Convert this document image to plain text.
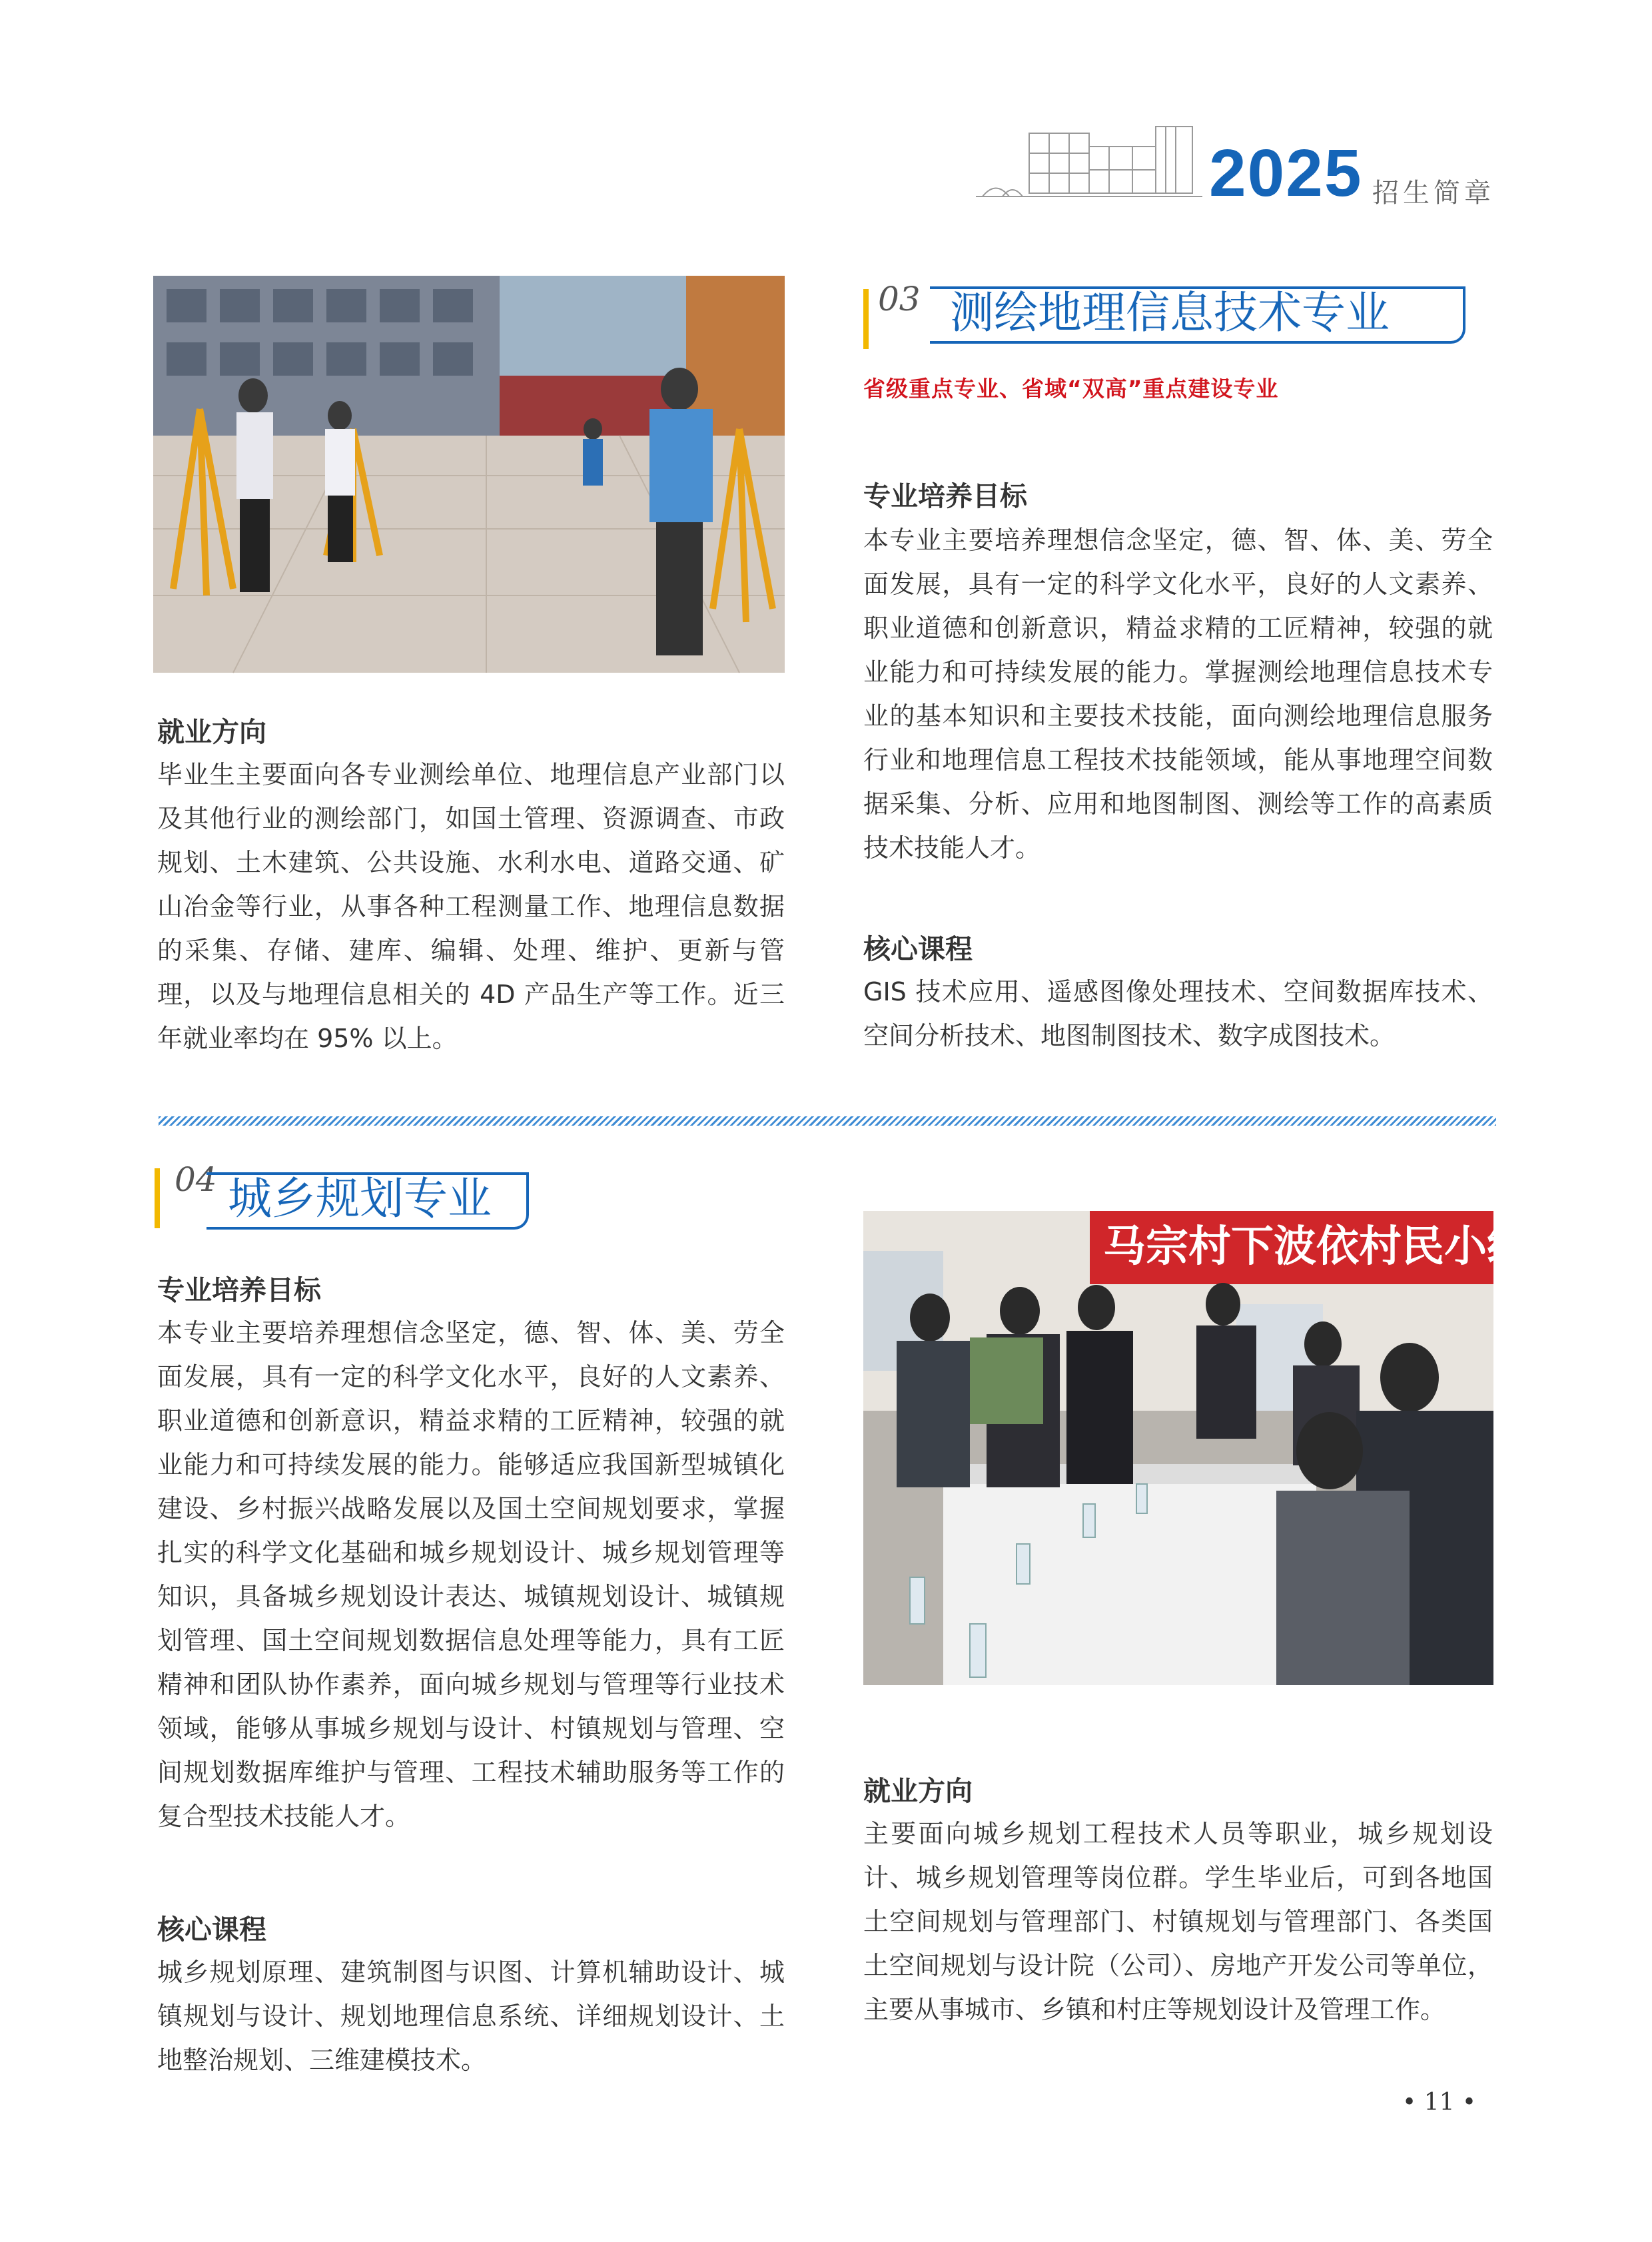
2025 招生简章
03 测绘地理信息技术专业
省级重点专业、省域“双高”重点建设专业
专业培养目标
本专业主要培养理想信念坚定，德、智、体、美、劳全面发展，具有一定的科学文化水平，良好的人文素养、职业道德和创新意识，精益求精的工匠精神，较强的就业能力和可持续发展的能力。掌握测绘地理信息技术专业的基本知识和主要技术技能，面向测绘地理信息服务行业和地理信息工程技术技能领域，能从事地理空间数据采集、分析、应用和地图制图、测绘等工作的高素质技术技能人才。
核心课程
GIS 技术应用、遥感图像处理技术、空间数据库技术、空间分析技术、地图制图技术、数字成图技术。
就业方向
毕业生主要面向各专业测绘单位、地理信息产业部门以及其他行业的测绘部门，如国土管理、资源调查、市政规划、土木建筑、公共设施、水利水电、道路交通、矿山冶金等行业，从事各种工程测量工作、地理信息数据的采集、存储、建库、编辑、处理、维护、更新与管理，以及与地理信息相关的 4D 产品生产等工作。近三年就业率均在 95% 以上。
04 城乡规划专业
专业培养目标
本专业主要培养理想信念坚定，德、智、体、美、劳全面发展，具有一定的科学文化水平，良好的人文素养、职业道德和创新意识，精益求精的工匠精神，较强的就业能力和可持续发展的能力。能够适应我国新型城镇化建设、乡村振兴战略发展以及国土空间规划要求，掌握扎实的科学文化基础和城乡规划设计、城乡规划管理等知识，具备城乡规划设计表达、城镇规划设计、城镇规划管理、国土空间规划数据信息处理等能力，具有工匠精神和团队协作素养，面向城乡规划与管理等行业技术领域，能够从事城乡规划与设计、村镇规划与管理、空间规划数据库维护与管理、工程技术辅助服务等工作的复合型技术技能人才。
核心课程
城乡规划原理、建筑制图与识图、计算机辅助设计、城镇规划与设计、规划地理信息系统、详细规划设计、土地整治规划、三维建模技术。
马宗村下波依村民小组“干部
就业方向
主要面向城乡规划工程技术人员等职业，城乡规划设计、城乡规划管理等岗位群。学生毕业后，可到各地国土空间规划与管理部门、村镇规划与管理部门、各类国土空间规划与设计院（公司）、房地产开发公司等单位，主要从事城市、乡镇和村庄等规划设计及管理工作。
• 11 •
